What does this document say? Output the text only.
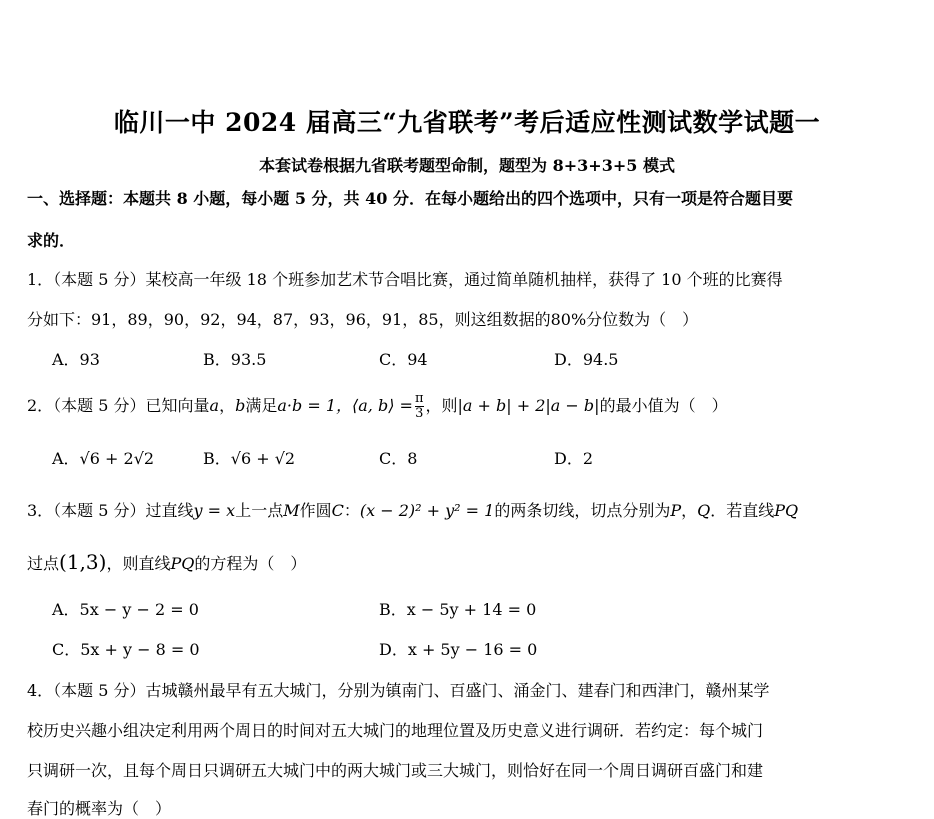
临川一中 2024 届高三“九省联考”考后适应性测试数学试题一
本套试卷根据九省联考题型命制，题型为 8+3+3+5 模式
一、选择题：本题共 8 小题，每小题 5 分，共 40 分．在每小题给出的四个选项中，只有一项是符合题目要
求的．
1．（本题 5 分）某校高一年级 18 个班参加艺术节合唱比赛，通过简单随机抽样，获得了 10 个班的比赛得
分如下：91，89，90，92，94，87，93，96，91，85，则这组数据的80%分位数为（　）
A．93	B．93.5	C．94	D．94.5
2．（本题 5 分）已知向量a，b满足a·b = 1，⟨a, b⟩ = $\frac{\pi}{3}$ ，则|a + b| + 2|a − b|的最小值为（　）
A．√6 + 2√2	B．√6 + √2	C．8	D．2
3．（本题 5 分）过直线y = x上一点M作圆C：(x − 2)² + y² = 1的两条切线，切点分别为P，Q．若直线PQ
过点(1,3)，则直线PQ的方程为（　）
A．5x − y − 2 = 0	B．x − 5y + 14 = 0
C．5x + y − 8 = 0	D．x + 5y − 16 = 0
4．（本题 5 分）古城赣州最早有五大城门，分别为镇南门、百盛门、涌金门、建春门和西津门，赣州某学
校历史兴趣小组决定利用两个周日的时间对五大城门的地理位置及历史意义进行调研．若约定：每个城门
只调研一次，且每个周日只调研五大城门中的两大城门或三大城门，则恰好在同一个周日调研百盛门和建
春门的概率为（　）
